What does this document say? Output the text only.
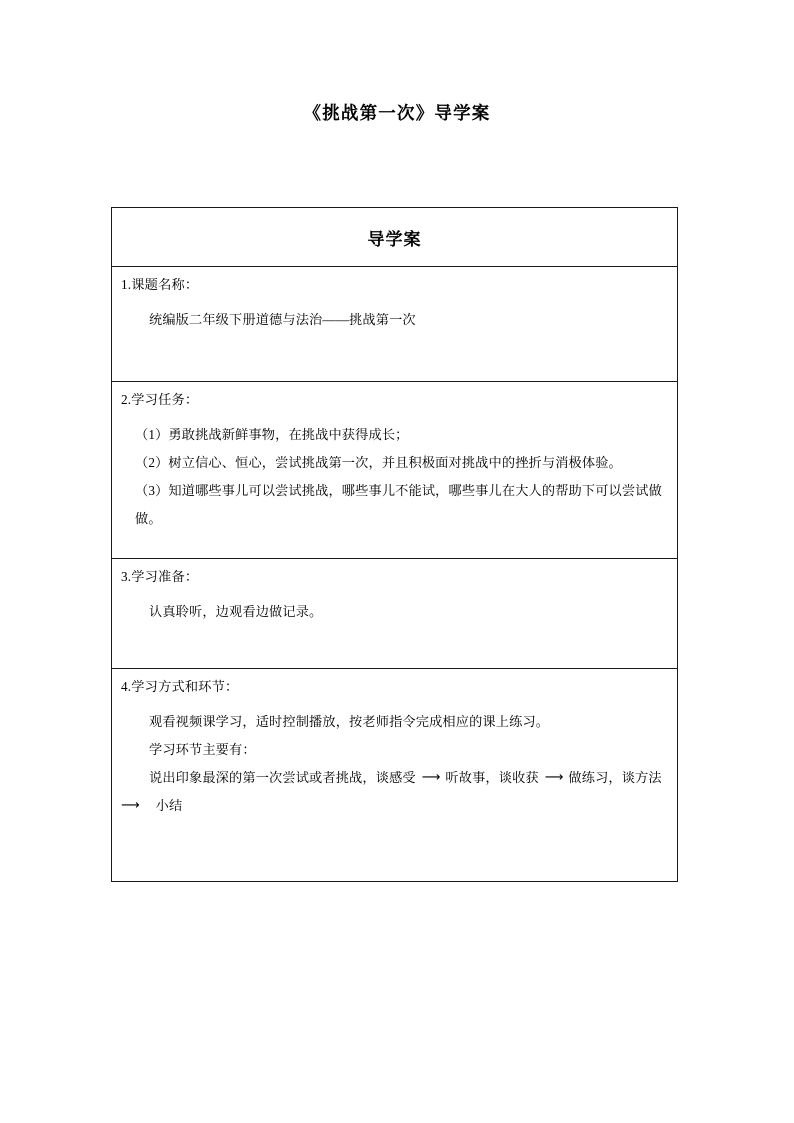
《挑战第一次》导学案
导学案
1.课题名称：

统编版二年级下册道德与法治——挑战第一次

2.学习任务：

（1）勇敢挑战新鲜事物，在挑战中获得成长；

（2）树立信心、恒心，尝试挑战第一次，并且积极面对挑战中的挫折与消极体验。

（3）知道哪些事儿可以尝试挑战，哪些事儿不能试，哪些事儿在大人的帮助下可以尝试做做。

3.学习准备：

认真聆听，边观看边做记录。

4.学习方式和环节：

观看视频课学习，适时控制播放，按老师指令完成相应的课上练习。

学习环节主要有：

说出印象最深的第一次尝试或者挑战，谈感受 ⟶ 听故事，谈收获 ⟶ 做练习，谈方法⟶ 小结
